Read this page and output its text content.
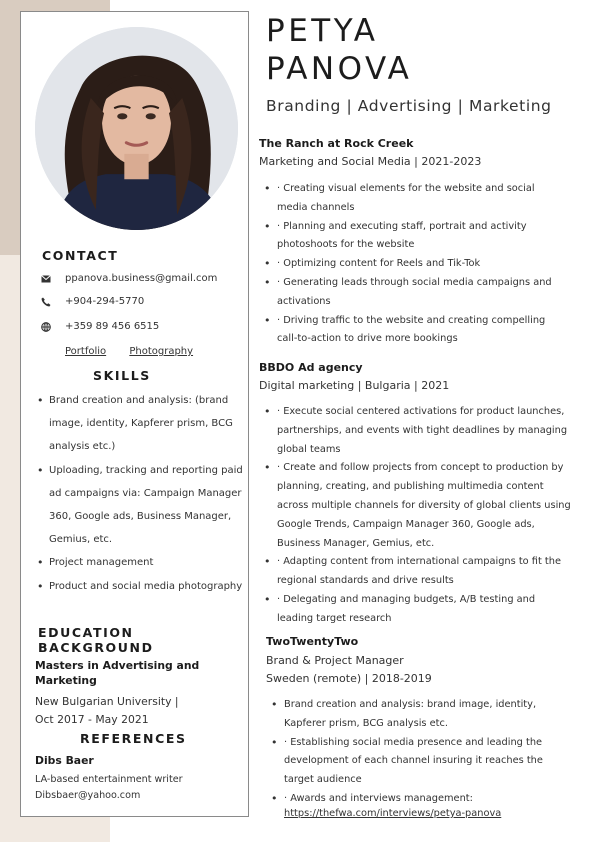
CONTACT
ppanova.business@gmail.com
+904-294-5770
+359 89 456 6515
Portfolio Photography
SKILLS
• Brand creation and analysis: (brand image, identity, Kapferer prism, BCG analysis etc.)
• Uploading, tracking and reporting paid ad campaigns via: Campaign Manager 360, Google ads, Business Manager, Gemius, etc.
• Project management
• Product and social media photography
EDUCATION BACKGROUND
Masters in Advertising and Marketing
New Bulgarian University |
Oct 2017 - May 2021
REFERENCES
Dibs Baer
LA-based entertainment writer
Dibsbaer@yahoo.com
PETYA
PANOVA
Branding | Advertising | Marketing
The Ranch at Rock Creek
Marketing and Social Media | 2021-2023
• · Creating visual elements for the website and social media channels
• · Planning and executing staff, portrait and activity photoshoots for the website
• · Optimizing content for Reels and Tik-Tok
• · Generating leads through social media campaigns and activations
• · Driving traffic to the website and creating compelling call-to-action to drive more bookings
BBDO Ad agency
Digital marketing | Bulgaria | 2021
• · Execute social centered activations for product launches, partnerships, and events with tight deadlines by managing global teams
• · Create and follow projects from concept to production by planning, creating, and publishing multimedia content across multiple channels for diversity of global clients using Google Trends, Campaign Manager 360, Google ads, Business Manager, Gemius, etc.
• · Adapting content from international campaigns to fit the regional standards and drive results
• · Delegating and managing budgets, A/B testing and leading target research
TwoTwentyTwo
Brand & Project Manager
Sweden (remote) | 2018-2019
• Brand creation and analysis: brand image, identity, Kapferer prism, BCG analysis etc.
• · Establishing social media presence and leading the development of each channel insuring it reaches the target audience
• · Awards and interviews management:
https://thefwa.com/interviews/petya-panova
